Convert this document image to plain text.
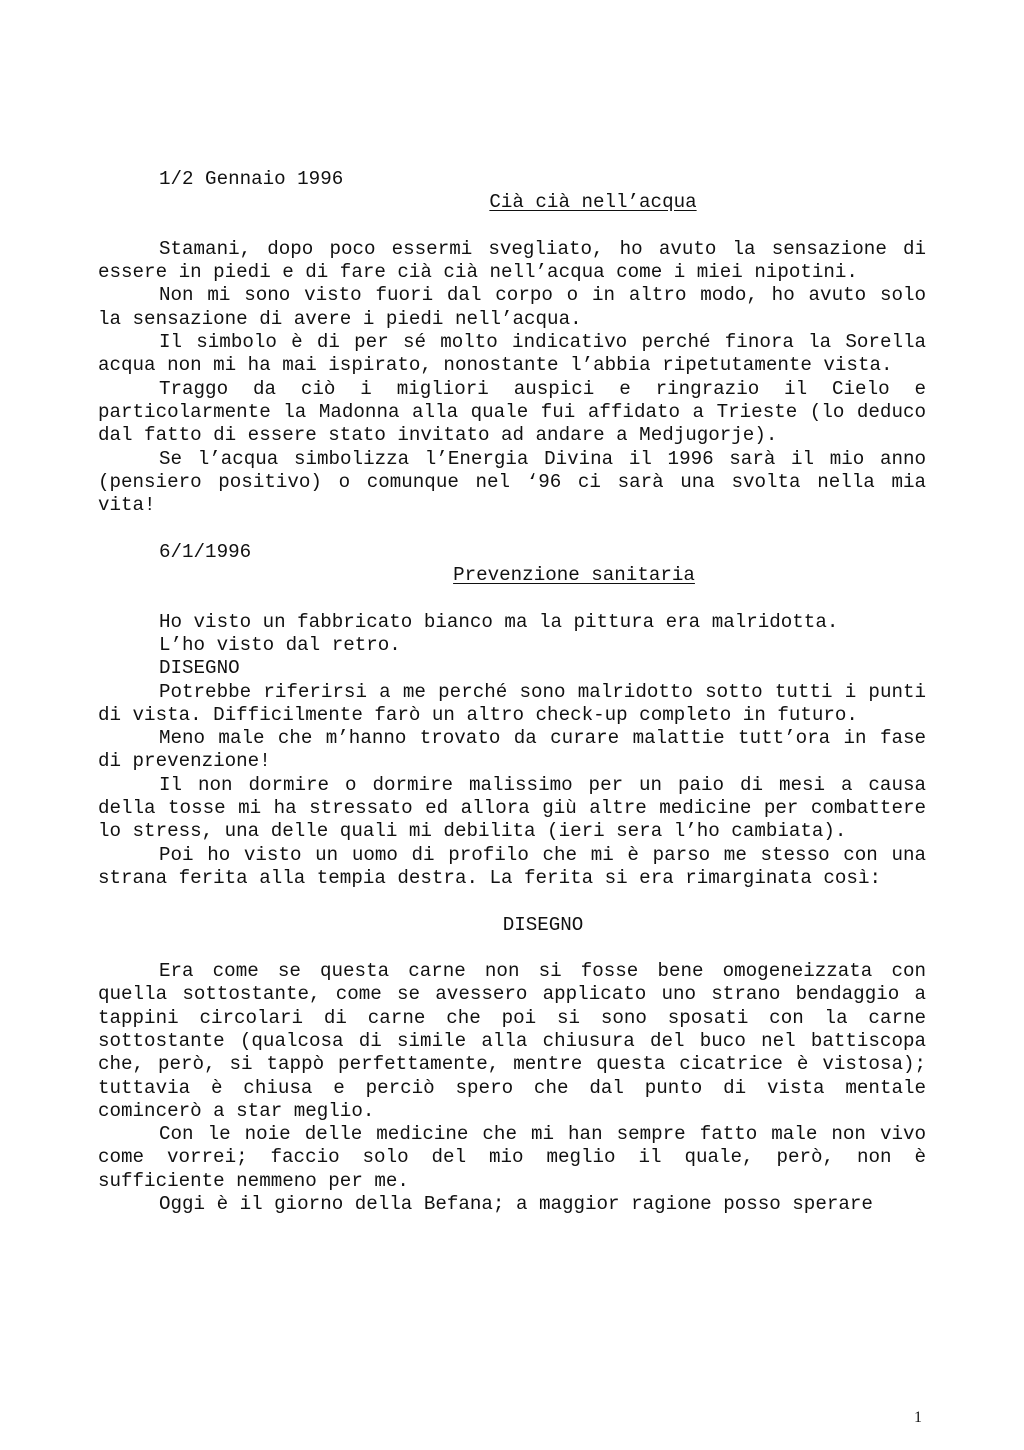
1/2 Gennaio 1996
Cià cià nell’acqua

Stamani, dopo poco essermi svegliato, ho avuto la sensazione di essere in piedi e di fare cià cià nell’acqua come i miei nipotini.

Non mi sono visto fuori dal corpo o in altro modo, ho avuto solo la sensazione di avere i piedi nell’acqua.

Il simbolo è di per sé molto indicativo perché finora la Sorella acqua non mi ha mai ispirato, nonostante l’abbia ripetutamente vista.

Traggo da ciò i migliori auspici e ringrazio il Cielo e particolarmente la Madonna alla quale fui affidato a Trieste (lo deduco dal fatto di essere stato invitato ad andare a Medjugorje).

Se l’acqua simbolizza l’Energia Divina il 1996 sarà il mio anno (pensiero positivo) o comunque nel ‘96 ci sarà una svolta nella mia vita!

6/1/1996
Prevenzione sanitaria

Ho visto un fabbricato bianco ma la pittura era malridotta.

L’ho visto dal retro.

DISEGNO

Potrebbe riferirsi a me perché sono malridotto sotto tutti i punti di vista. Difficilmente farò un altro check-up completo in futuro.

Meno male che m’hanno trovato da curare malattie tutt’ora in fase di prevenzione!

Il non dormire o dormire malissimo per un paio di mesi a causa della tosse mi ha stressato ed allora giù altre medicine per combattere lo stress, una delle quali mi debilita (ieri sera l’ho cambiata).

Poi ho visto un uomo di profilo che mi è parso me stesso con una strana ferita alla tempia destra. La ferita si era rimarginata così:

DISEGNO

Era come se questa carne non si fosse bene omogeneizzata con quella sottostante, come se avessero applicato uno strano bendaggio a tappini circolari di carne che poi si sono sposati con la carne sottostante (qualcosa di simile alla chiusura del buco nel battiscopa che, però, si tappò perfettamente, mentre questa cicatrice è vistosa); tuttavia è chiusa e perciò spero che dal punto di vista mentale comincerò a star meglio.

Con le noie delle medicine che mi han sempre fatto male non vivo come vorrei; faccio solo del mio meglio il quale, però, non è sufficiente nemmeno per me.

Oggi è il giorno della Befana; a maggior ragione posso sperare

1
